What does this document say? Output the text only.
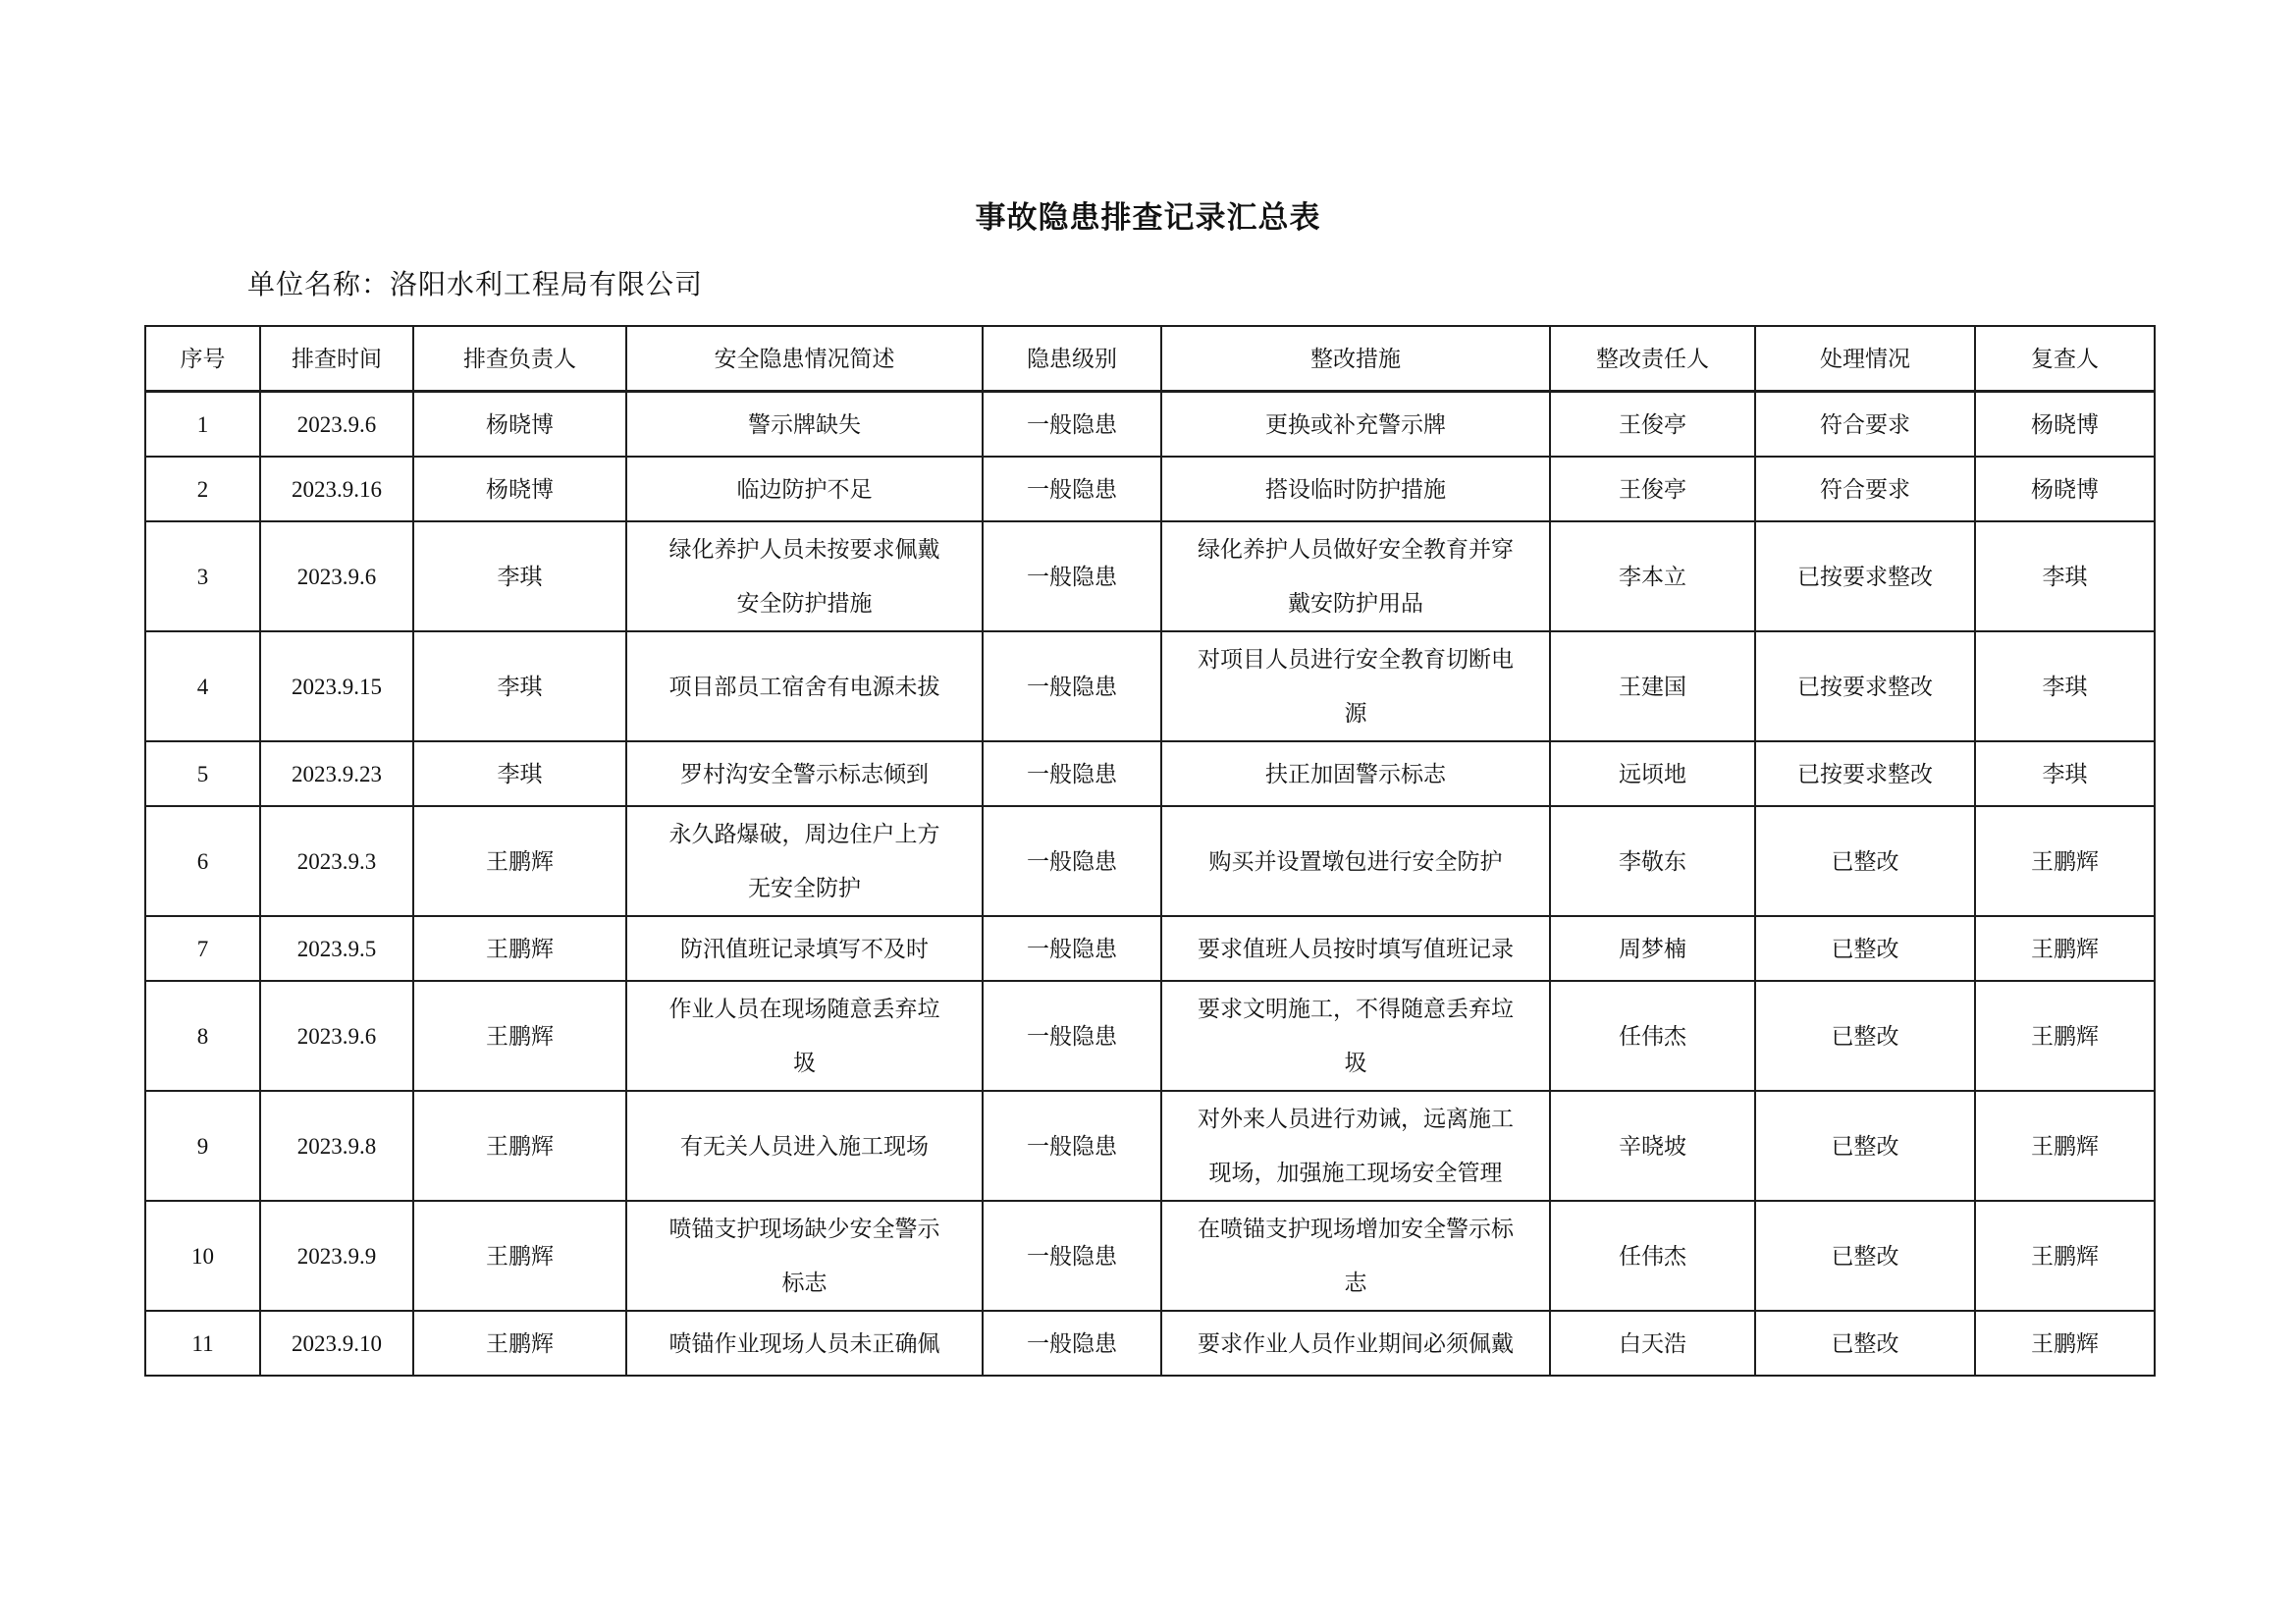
事故隐患排查记录汇总表
单位名称：洛阳水利工程局有限公司
序号	排查时间	排查负责人	安全隐患情况简述	隐患级别	整改措施	整改责任人	处理情况	复查人
1	2023.9.6	杨晓博	警示牌缺失	一般隐患	更换或补充警示牌	王俊亭	符合要求	杨晓博
2	2023.9.16	杨晓博	临边防护不足	一般隐患	搭设临时防护措施	王俊亭	符合要求	杨晓博
3	2023.9.6	李琪	绿化养护人员未按要求佩戴安全防护措施	一般隐患	绿化养护人员做好安全教育并穿戴安防护用品	李本立	已按要求整改	李琪
4	2023.9.15	李琪	项目部员工宿舍有电源未拔	一般隐患	对项目人员进行安全教育切断电源	王建国	已按要求整改	李琪
5	2023.9.23	李琪	罗村沟安全警示标志倾到	一般隐患	扶正加固警示标志	远顷地	已按要求整改	李琪
6	2023.9.3	王鹏辉	永久路爆破，周边住户上方无安全防护	一般隐患	购买并设置墩包进行安全防护	李敬东	已整改	王鹏辉
7	2023.9.5	王鹏辉	防汛值班记录填写不及时	一般隐患	要求值班人员按时填写值班记录	周梦楠	已整改	王鹏辉
8	2023.9.6	王鹏辉	作业人员在现场随意丢弃垃圾	一般隐患	要求文明施工，不得随意丢弃垃圾	任伟杰	已整改	王鹏辉
9	2023.9.8	王鹏辉	有无关人员进入施工现场	一般隐患	对外来人员进行劝诫，远离施工现场，加强施工现场安全管理	辛晓坡	已整改	王鹏辉
10	2023.9.9	王鹏辉	喷锚支护现场缺少安全警示标志	一般隐患	在喷锚支护现场增加安全警示标志	任伟杰	已整改	王鹏辉
11	2023.9.10	王鹏辉	喷锚作业现场人员未正确佩	一般隐患	要求作业人员作业期间必须佩戴	白天浩	已整改	王鹏辉
